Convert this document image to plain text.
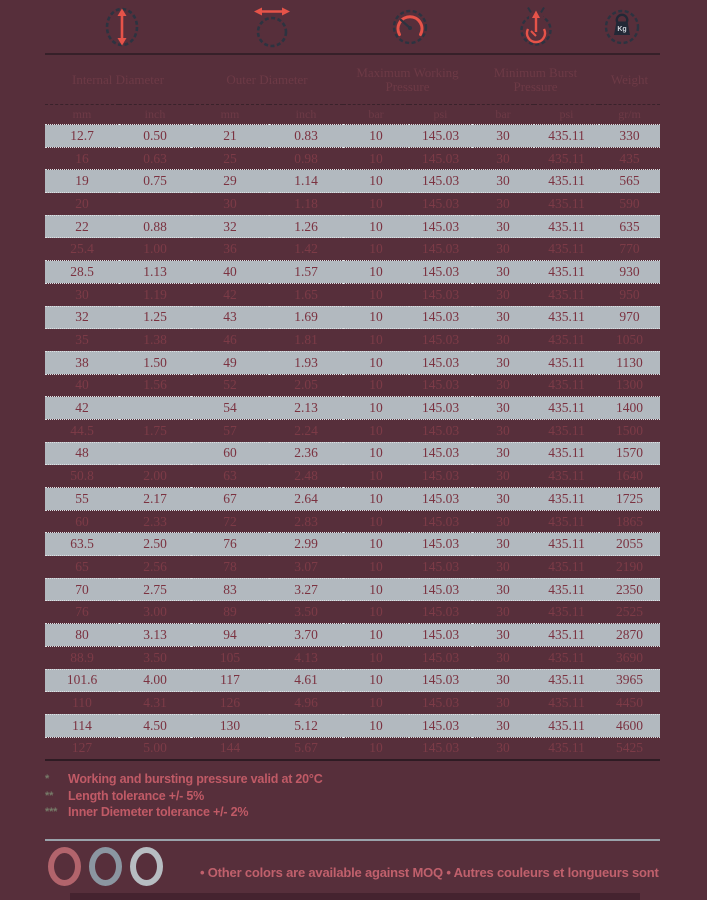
Kg
Internal Diameter		Outer Diameter		Maximum Working Pressure		Minimum Burst Pressure		Weight
mm	inch	mm	inch	bar	psi	bar	psi	gr/m
12.7	0.50	21	0.83	10	145.03	30	435.11	330
16	0.63	25	0.98	10	145.03	30	435.11	435
19	0.75	29	1.14	10	145.03	30	435.11	565
20		30	1.18	10	145.03	30	435.11	590
22	0.88	32	1.26	10	145.03	30	435.11	635
25.4	1.00	36	1.42	10	145.03	30	435.11	770
28.5	1.13	40	1.57	10	145.03	30	435.11	930
30	1.19	42	1.65	10	145.03	30	435.11	950
32	1.25	43	1.69	10	145.03	30	435.11	970
35	1.38	46	1.81	10	145.03	30	435.11	1050
38	1.50	49	1.93	10	145.03	30	435.11	1130
40	1.56	52	2.05	10	145.03	30	435.11	1300
42		54	2.13	10	145.03	30	435.11	1400
44.5	1.75	57	2.24	10	145.03	30	435.11	1500
48		60	2.36	10	145.03	30	435.11	1570
50.8	2.00	63	2.48	10	145.03	30	435.11	1640
55	2.17	67	2.64	10	145.03	30	435.11	1725
60	2.33	72	2.83	10	145.03	30	435.11	1865
63.5	2.50	76	2.99	10	145.03	30	435.11	2055
65	2.56	78	3.07	10	145.03	30	435.11	2190
70	2.75	83	3.27	10	145.03	30	435.11	2350
76	3.00	89	3.50	10	145.03	30	435.11	2525
80	3.13	94	3.70	10	145.03	30	435.11	2870
88.9	3.50	105	4.13	10	145.03	30	435.11	3690
101.6	4.00	117	4.61	10	145.03	30	435.11	3965
110	4.31	126	4.96	10	145.03	30	435.11	4450
114	4.50	130	5.12	10	145.03	30	435.11	4600
127	5.00	144	5.67	10	145.03	30	435.11	5425
* Working and bursting pressure valid at 20°C
** Length tolerance +/- 5%
*** Inner Diemeter tolerance +/- 2%
• Other colors are available against MOQ • Autres couleurs et longueurs sont
